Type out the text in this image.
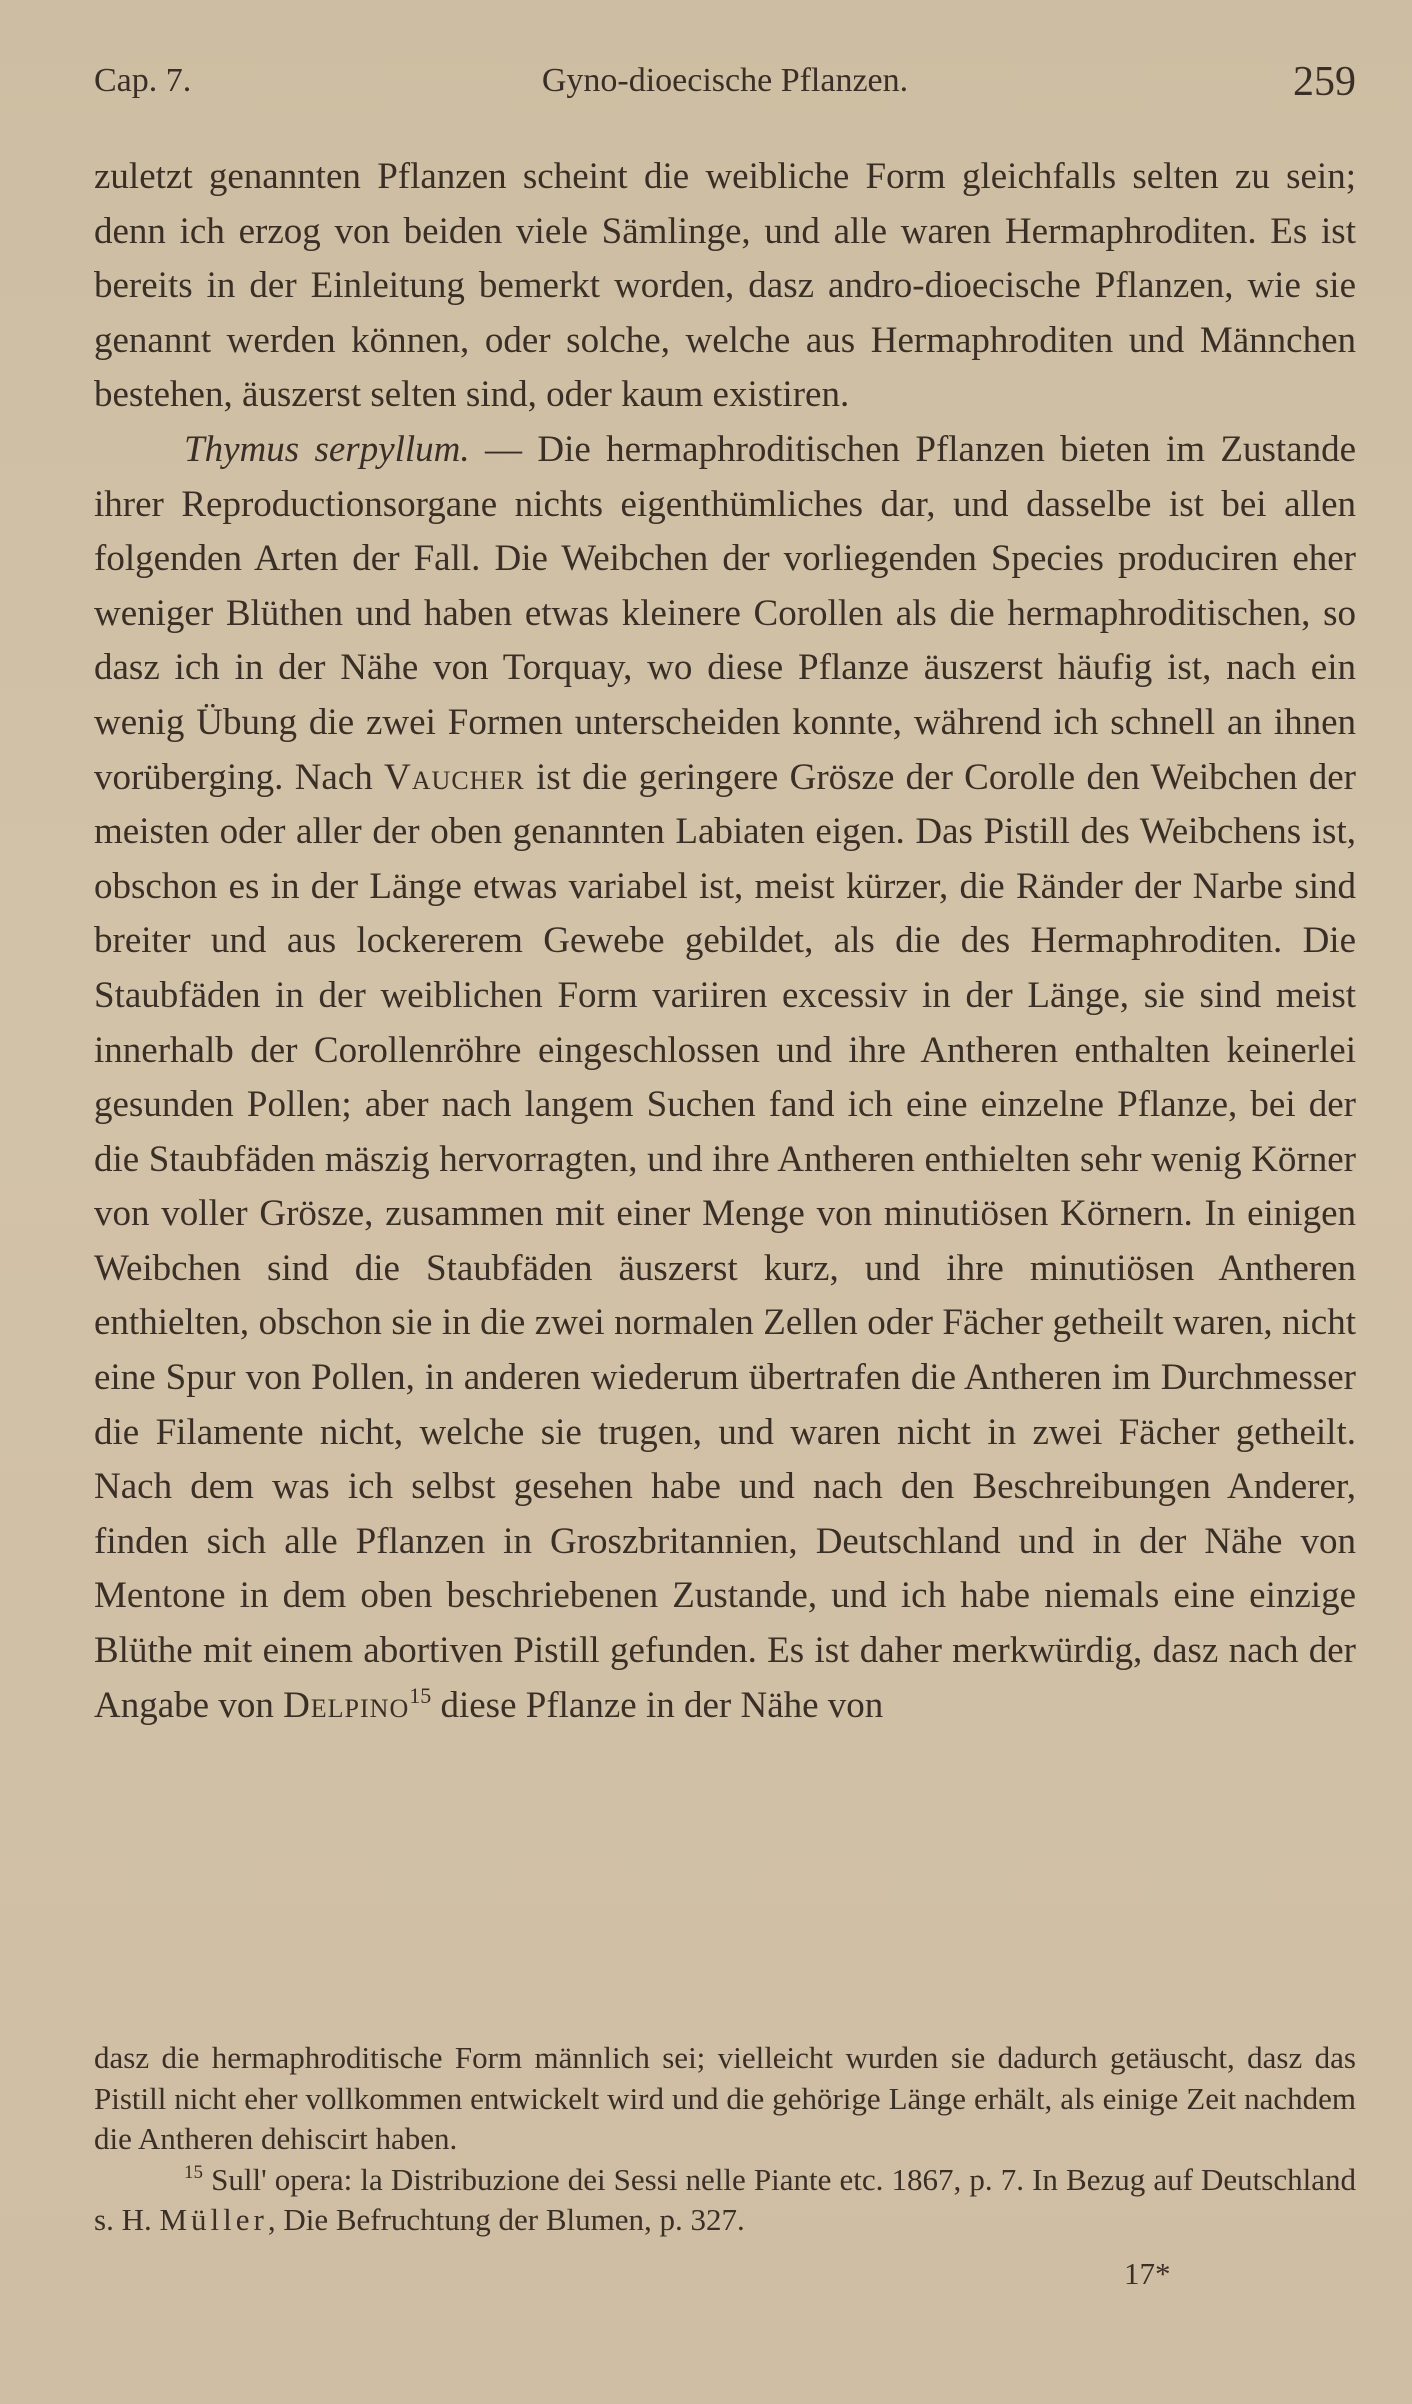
Cap. 7.	Gyno-dioecische Pflanzen.	259

zuletzt genannten Pflanzen scheint die weibliche Form gleichfalls selten zu sein; denn ich erzog von beiden viele Sämlinge, und alle waren Hermaphroditen. Es ist bereits in der Einleitung bemerkt worden, dasz andro-dioecische Pflanzen, wie sie genannt werden können, oder solche, welche aus Hermaphroditen und Männchen bestehen, äuszerst selten sind, oder kaum existiren.

Thymus serpyllum. — Die hermaphroditischen Pflanzen bieten im Zustande ihrer Reproductionsorgane nichts eigenthümliches dar, und dasselbe ist bei allen folgenden Arten der Fall. Die Weibchen der vorliegenden Species produciren eher weniger Blüthen und haben etwas kleinere Corollen als die hermaphroditischen, so dasz ich in der Nähe von Torquay, wo diese Pflanze äuszerst häufig ist, nach ein wenig Übung die zwei Formen unterscheiden konnte, während ich schnell an ihnen vorüberging. Nach Vaucher ist die geringere Grösze der Corolle den Weibchen der meisten oder aller der oben genannten Labiaten eigen. Das Pistill des Weibchens ist, obschon es in der Länge etwas variabel ist, meist kürzer, die Ränder der Narbe sind breiter und aus lockererem Gewebe gebildet, als die des Hermaphroditen. Die Staubfäden in der weiblichen Form variiren excessiv in der Länge, sie sind meist innerhalb der Corollenröhre eingeschlossen und ihre Antheren enthalten keinerlei gesunden Pollen; aber nach langem Suchen fand ich eine einzelne Pflanze, bei der die Staubfäden mäszig hervorragten, und ihre Antheren enthielten sehr wenig Körner von voller Grösze, zusammen mit einer Menge von minutiösen Körnern. In einigen Weibchen sind die Staubfäden äuszerst kurz, und ihre minutiösen Antheren enthielten, obschon sie in die zwei normalen Zellen oder Fächer getheilt waren, nicht eine Spur von Pollen, in anderen wiederum übertrafen die Antheren im Durchmesser die Filamente nicht, welche sie trugen, und waren nicht in zwei Fächer getheilt. Nach dem was ich selbst gesehen habe und nach den Beschreibungen Anderer, finden sich alle Pflanzen in Groszbritannien, Deutschland und in der Nähe von Mentone in dem oben beschriebenen Zustande, und ich habe niemals eine einzige Blüthe mit einem abortiven Pistill gefunden. Es ist daher merkwürdig, dasz nach der Angabe von Delpino$^{15}$ diese Pflanze in der Nähe von

dasz die hermaphroditische Form männlich sei; vielleicht wurden sie dadurch getäuscht, dasz das Pistill nicht eher vollkommen entwickelt wird und die gehörige Länge erhält, als einige Zeit nachdem die Antheren dehiscirt haben.

$^{15}$ Sull' opera: la Distribuzione dei Sessi nelle Piante etc. 1867, p. 7. In Bezug auf Deutschland s. H. Müller, Die Befruchtung der Blumen, p. 327.

17*
